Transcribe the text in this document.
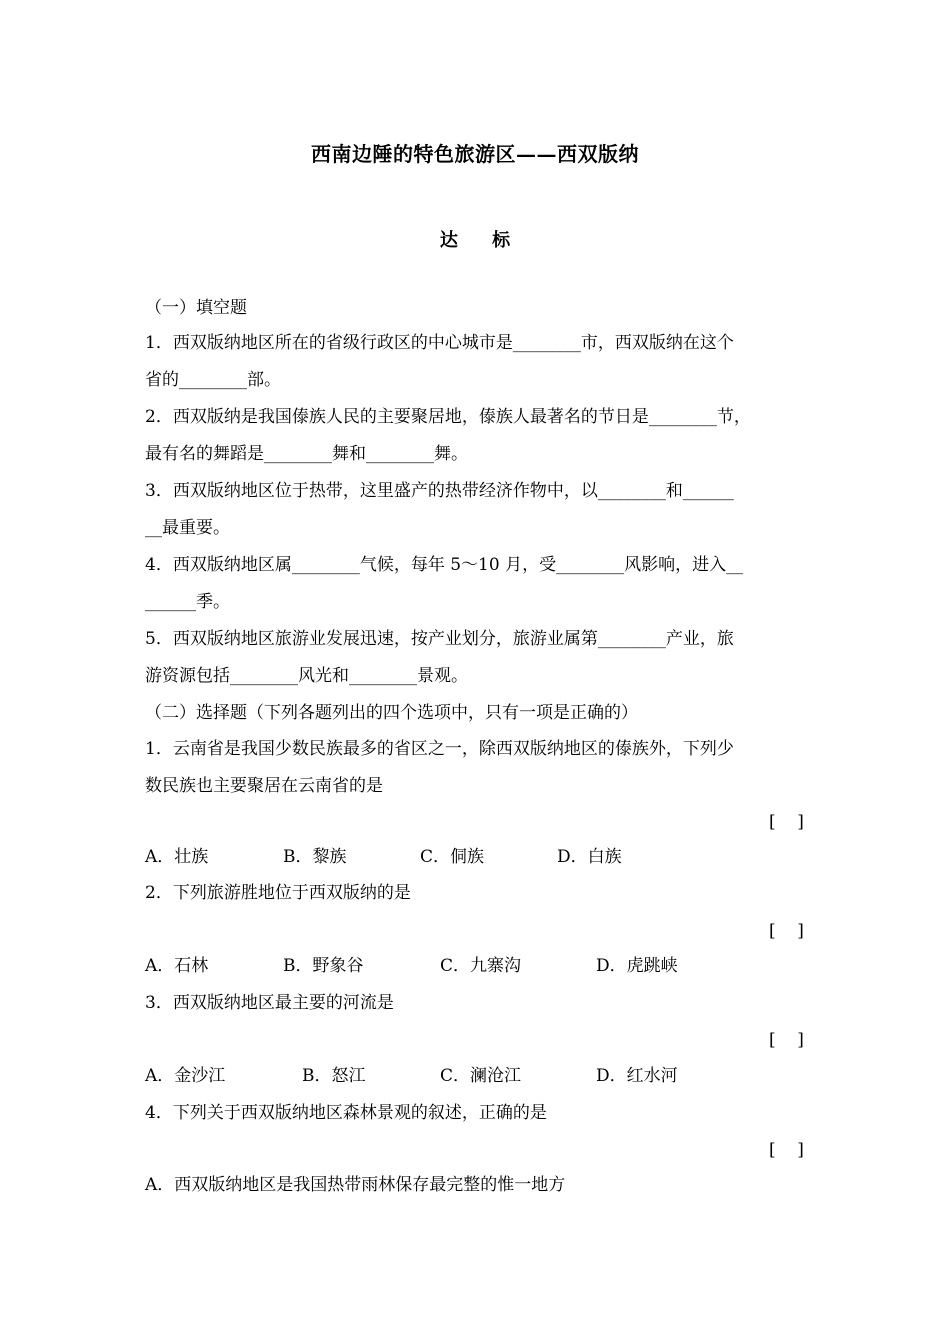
西南边陲的特色旅游区——西双版纳
达 标
（一）填空题
1．西双版纳地区所在的省级行政区的中心城市是________市，西双版纳在这个
省的________部。
2．西双版纳是我国傣族人民的主要聚居地，傣族人最著名的节日是________节，
最有名的舞蹈是________舞和________舞。
3．西双版纳地区位于热带，这里盛产的热带经济作物中，以________和______
__最重要。
4．西双版纳地区属________气候，每年 5～10 月，受________风影响，进入__
______季。
5．西双版纳地区旅游业发展迅速，按产业划分，旅游业属第________产业，旅
游资源包括________风光和________景观。
（二）选择题（下列各题列出的四个选项中，只有一项是正确的）
1．云南省是我国少数民族最多的省区之一，除西双版纳地区的傣族外，下列少
数民族也主要聚居在云南省的是
[    ]
A．壮族	B．黎族	C．侗族	D．白族
2．下列旅游胜地位于西双版纳的是
[    ]
A．石林	B．野象谷	C．九寨沟	D．虎跳峡
3．西双版纳地区最主要的河流是
[    ]
A．金沙江	B．怒江	C．澜沧江	D．红水河
4．下列关于西双版纳地区森林景观的叙述，正确的是
[    ]
A．西双版纳地区是我国热带雨林保存最完整的惟一地方
